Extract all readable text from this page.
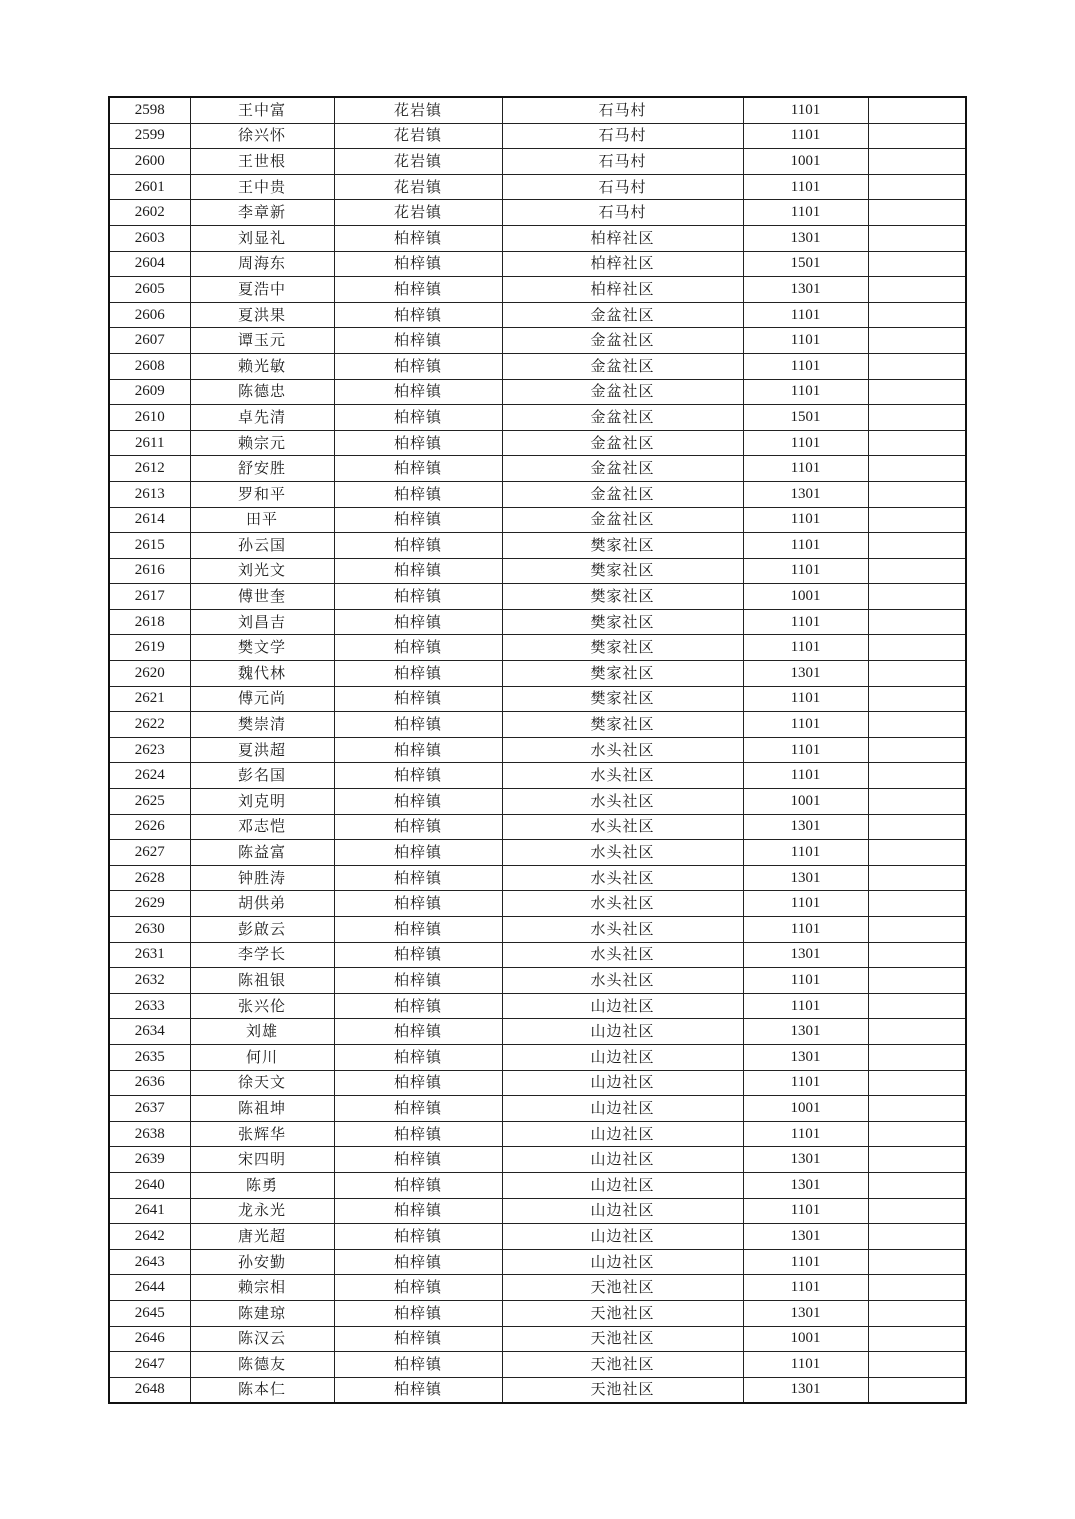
2598	王中富	花岩镇	石马村	1101	
2599	徐兴怀	花岩镇	石马村	1101	
2600	王世根	花岩镇	石马村	1001	
2601	王中贵	花岩镇	石马村	1101	
2602	李章新	花岩镇	石马村	1101	
2603	刘显礼	柏梓镇	柏梓社区	1301	
2604	周海东	柏梓镇	柏梓社区	1501	
2605	夏浩中	柏梓镇	柏梓社区	1301	
2606	夏洪果	柏梓镇	金盆社区	1101	
2607	谭玉元	柏梓镇	金盆社区	1101	
2608	赖光敏	柏梓镇	金盆社区	1101	
2609	陈德忠	柏梓镇	金盆社区	1101	
2610	卓先清	柏梓镇	金盆社区	1501	
2611	赖宗元	柏梓镇	金盆社区	1101	
2612	舒安胜	柏梓镇	金盆社区	1101	
2613	罗和平	柏梓镇	金盆社区	1301	
2614	田平	柏梓镇	金盆社区	1101	
2615	孙云国	柏梓镇	樊家社区	1101	
2616	刘光文	柏梓镇	樊家社区	1101	
2617	傅世奎	柏梓镇	樊家社区	1001	
2618	刘昌吉	柏梓镇	樊家社区	1101	
2619	樊文学	柏梓镇	樊家社区	1101	
2620	魏代林	柏梓镇	樊家社区	1301	
2621	傅元尚	柏梓镇	樊家社区	1101	
2622	樊崇清	柏梓镇	樊家社区	1101	
2623	夏洪超	柏梓镇	水头社区	1101	
2624	彭名国	柏梓镇	水头社区	1101	
2625	刘克明	柏梓镇	水头社区	1001	
2626	邓志恺	柏梓镇	水头社区	1301	
2627	陈益富	柏梓镇	水头社区	1101	
2628	钟胜涛	柏梓镇	水头社区	1301	
2629	胡供弟	柏梓镇	水头社区	1101	
2630	彭啟云	柏梓镇	水头社区	1101	
2631	李学长	柏梓镇	水头社区	1301	
2632	陈祖银	柏梓镇	水头社区	1101	
2633	张兴伦	柏梓镇	山边社区	1101	
2634	刘雄	柏梓镇	山边社区	1301	
2635	何川	柏梓镇	山边社区	1301	
2636	徐天文	柏梓镇	山边社区	1101	
2637	陈祖坤	柏梓镇	山边社区	1001	
2638	张辉华	柏梓镇	山边社区	1101	
2639	宋四明	柏梓镇	山边社区	1301	
2640	陈勇	柏梓镇	山边社区	1301	
2641	龙永光	柏梓镇	山边社区	1101	
2642	唐光超	柏梓镇	山边社区	1301	
2643	孙安勤	柏梓镇	山边社区	1101	
2644	赖宗相	柏梓镇	天池社区	1101	
2645	陈建琼	柏梓镇	天池社区	1301	
2646	陈汉云	柏梓镇	天池社区	1001	
2647	陈德友	柏梓镇	天池社区	1101	
2648	陈本仁	柏梓镇	天池社区	1301	
